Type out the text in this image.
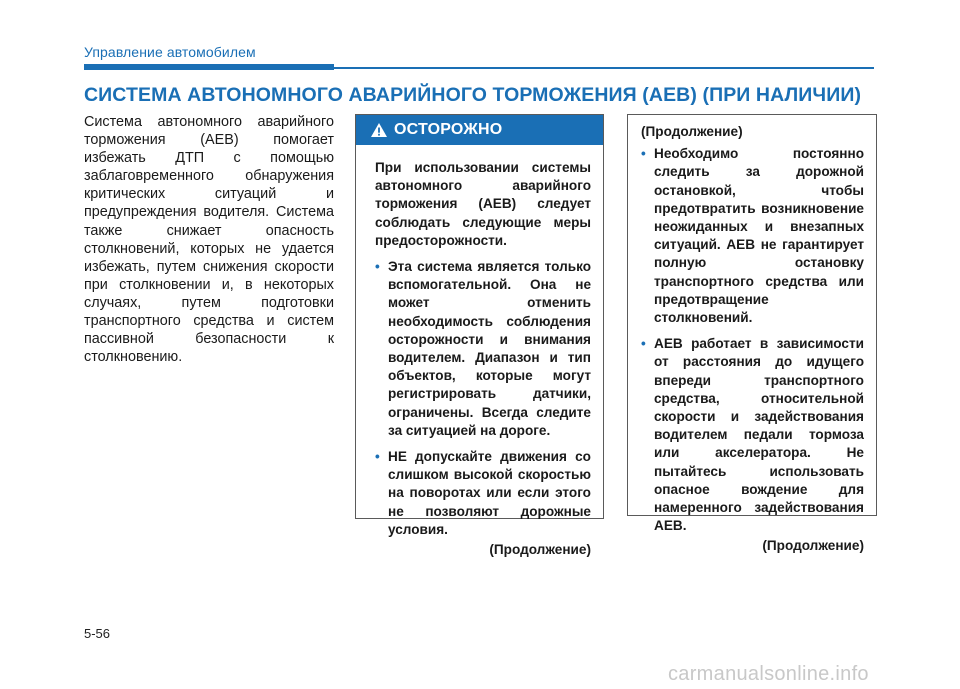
Управление автомобилем
СИСТЕМА АВТОНОМНОГО АВАРИЙНОГО ТОРМОЖЕНИЯ (AEB) (ПРИ НАЛИЧИИ)
Система автономного аварийного торможения (AEB) помогает избежать ДТП с помощью заблаговременного обнаружения критических ситуаций и предупреждения водителя. Система также снижает опасность столкновений, которых не удается избежать, путем снижения скорости при столкновении и, в некоторых случаях, путем подготовки транспортного средства и систем пассивной безопасности к столкновению.
ОСТОРОЖНО
При использовании системы автономного аварийного торможения (AEB) следует соблюдать следующие меры предосторожности.
• Эта система является только вспомогательной. Она не может отменить необходимость соблюдения осторожности и внимания водителем. Диапазон и тип объектов, которые могут регистрировать датчики, ограничены. Всегда следите за ситуацией на дороге.
• НЕ допускайте движения со слишком высокой скоростью на поворотах или если этого не позволяют дорожные условия.
(Продолжение)
(Продолжение)
• Необходимо постоянно следить за дорожной остановкой, чтобы предотвратить возникновение неожиданных и внезапных ситуаций. AEB не гарантирует полную остановку транспортного средства или предотвращение столкновений.
• AEB работает в зависимости от расстояния до идущего впереди транспортного средства, относительной скорости и задействования водителем педали тормоза или акселератора. Не пытайтесь использовать опасное вождение для намеренного задействования AEB.
(Продолжение)
5-56
carmanualsonline.info
